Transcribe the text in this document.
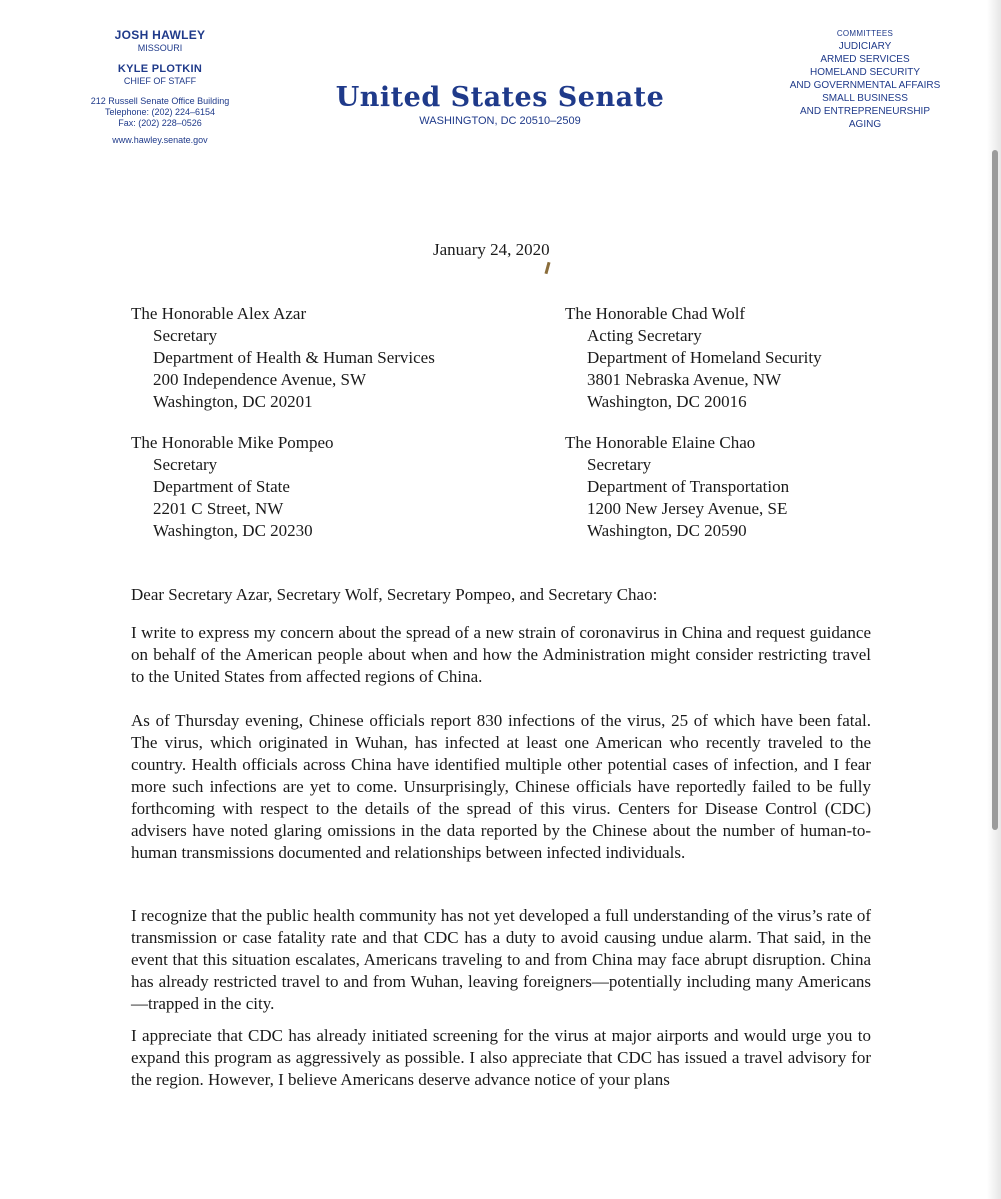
JOSH HAWLEY
MISSOURI
KYLE PLOTKIN
CHIEF OF STAFF
212 Russell Senate Office Building
Telephone: (202) 224–6154
Fax: (202) 228–0526
www.hawley.senate.gov
United States Senate
WASHINGTON, DC 20510–2509
COMMITTEES
JUDICIARY
ARMED SERVICES
HOMELAND SECURITY
AND GOVERNMENTAL AFFAIRS
SMALL BUSINESS
AND ENTREPRENEURSHIP
AGING
January 24, 2020
The Honorable Alex Azar
Secretary
Department of Health & Human Services
200 Independence Avenue, SW
Washington, DC 20201
The Honorable Chad Wolf
Acting Secretary
Department of Homeland Security
3801 Nebraska Avenue, NW
Washington, DC 20016
The Honorable Mike Pompeo
Secretary
Department of State
2201 C Street, NW
Washington, DC 20230
The Honorable Elaine Chao
Secretary
Department of Transportation
1200 New Jersey Avenue, SE
Washington, DC 20590
Dear Secretary Azar, Secretary Wolf, Secretary Pompeo, and Secretary Chao:

I write to express my concern about the spread of a new strain of coronavirus in China and request guidance on behalf of the American people about when and how the Administration might consider restricting travel to the United States from affected regions of China.

As of Thursday evening, Chinese officials report 830 infections of the virus, 25 of which have been fatal. The virus, which originated in Wuhan, has infected at least one American who recently traveled to the country. Health officials across China have identified multiple other potential cases of infection, and I fear more such infections are yet to come. Unsurprisingly, Chinese officials have reportedly failed to be fully forthcoming with respect to the details of the spread of this virus. Centers for Disease Control (CDC) advisers have noted glaring omissions in the data reported by the Chinese about the number of human-to-human transmissions documented and relationships between infected individuals.

I recognize that the public health community has not yet developed a full understanding of the virus’s rate of transmission or case fatality rate and that CDC has a duty to avoid causing undue alarm. That said, in the event that this situation escalates, Americans traveling to and from China may face abrupt disruption. China has already restricted travel to and from Wuhan, leaving foreigners—potentially including many Americans—trapped in the city.

I appreciate that CDC has already initiated screening for the virus at major airports and would urge you to expand this program as aggressively as possible. I also appreciate that CDC has issued a travel advisory for the region. However, I believe Americans deserve advance notice of your plans
